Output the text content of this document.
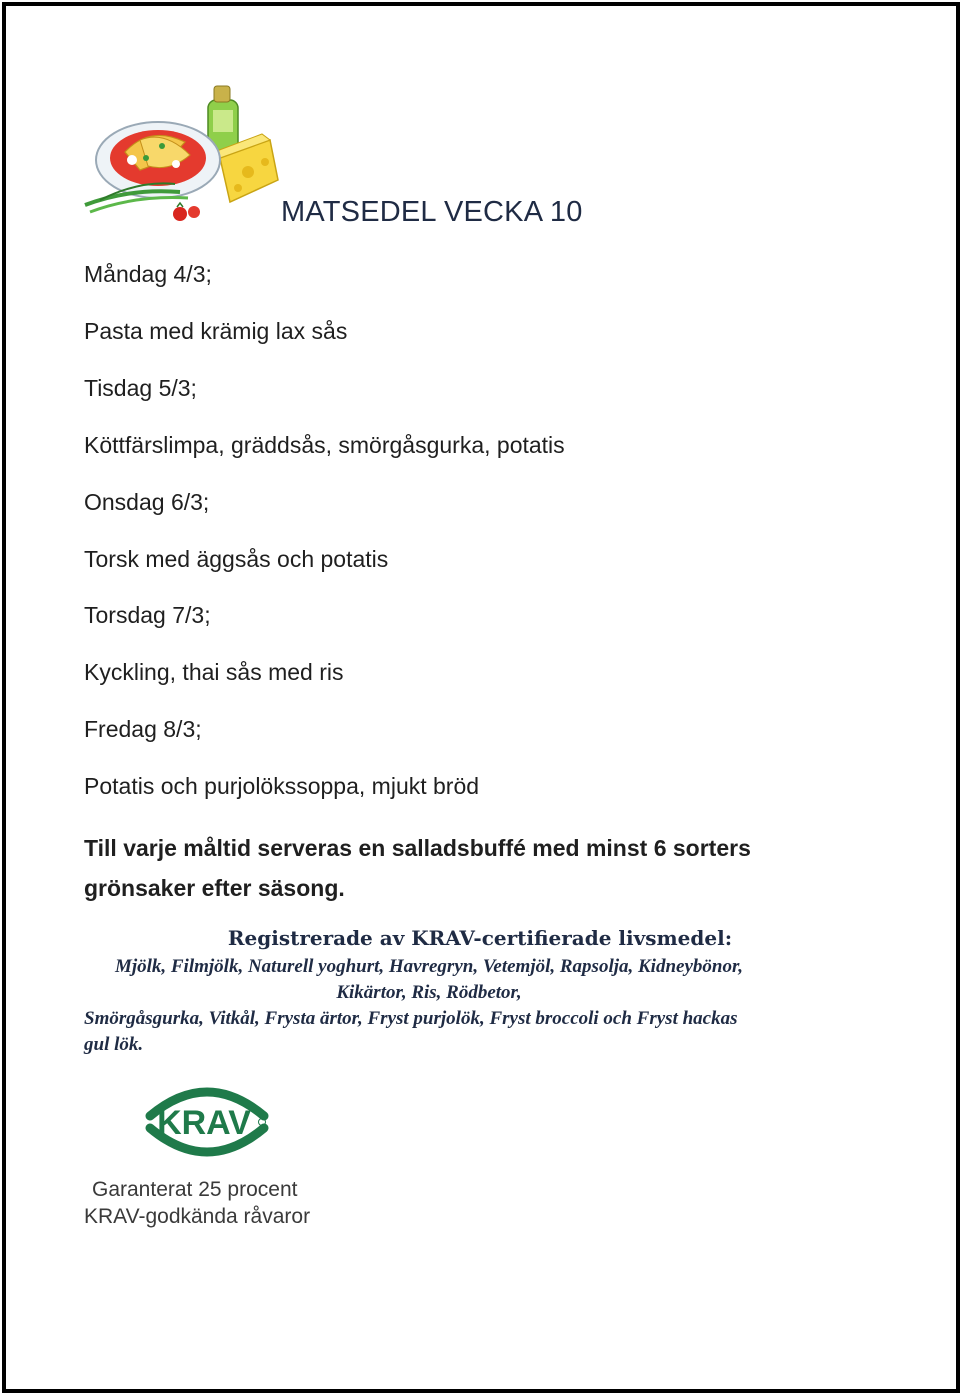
MATSEDEL VECKA 10
Måndag 4/3;
Pasta med krämig lax sås
Tisdag 5/3;
Köttfärslimpa, gräddsås, smörgåsgurka, potatis
Onsdag 6/3;
Torsk med äggsås och potatis
Torsdag 7/3;
Kyckling, thai sås med ris
Fredag 8/3;
Potatis och purjolökssoppa, mjukt bröd
Till varje måltid serveras en salladsbuffé med minst 6 sorters
grönsaker efter säsong.
Registrerade av KRAV-certifierade livsmedel:
Mjölk, Filmjölk, Naturell yoghurt, Havregryn, Vetemjöl, Rapsolja, Kidneybönor,
Kikärtor, Ris, Rödbetor,
Smörgåsgurka, Vitkål, Frysta ärtor, Fryst purjolök, Fryst broccoli och Fryst hackas
gul lök.
KRAV
Garanterat 25 procent
KRAV-godkända råvaror
